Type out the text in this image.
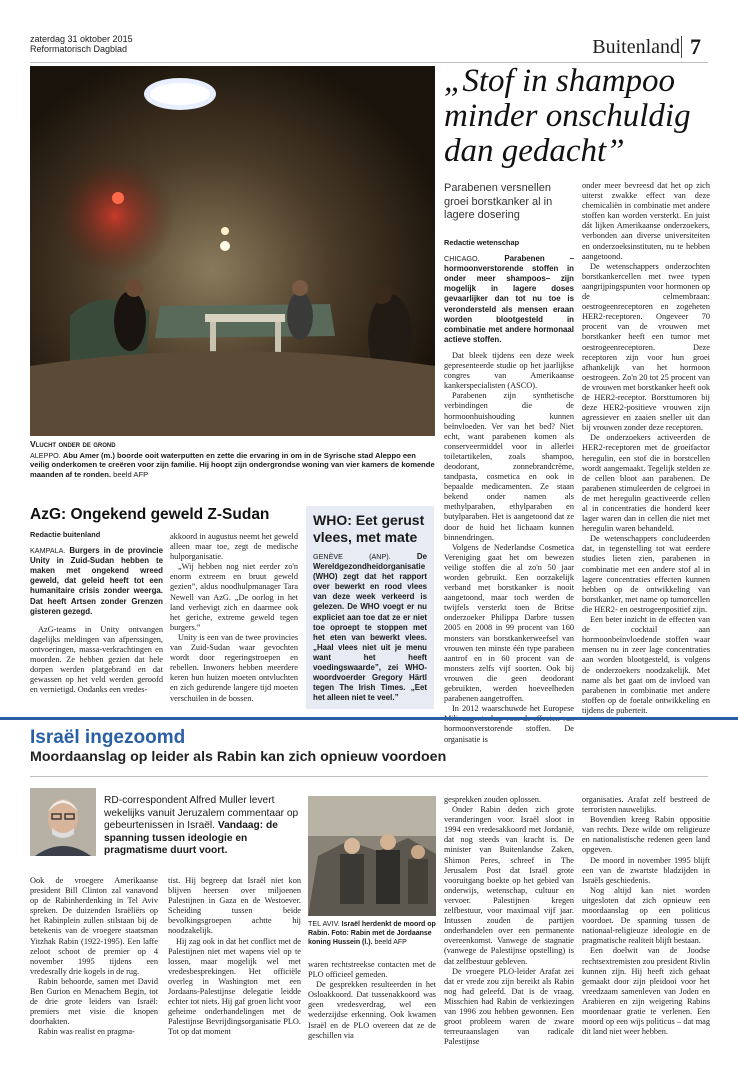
zaterdag 31 oktober 2015
Reformatorisch Dagblad	Buitenland 7
Vlucht onder de grond
ALEPPO. Abu Amer (m.) boorde ooit waterputten en zette die ervaring in om in de Syrische stad Aleppo een veilig onderkomen te creëren voor zijn familie. Hij hoopt zijn ondergrondse woning van vier kamers de komende maanden af te ronden. beeld AFP
AzG: Ongekend geweld Z-Sudan
Redactie buitenland

KAMPALA. Burgers in de provincie Unity in Zuid-Sudan hebben te maken met ongekend wreed geweld, dat geleid heeft tot een humanitaire crisis zonder weerga. Dat heeft Artsen zonder Grenzen gisteren gezegd.

AzG-teams in Unity ontvangen dagelijks meldingen van afperssingen, ontvoeringen, massa-verkrachtingen en moorden. Ze hebben gezien dat hele dorpen werden platgebrand en dat gewassen op het veld werden geroofd en vernietigd. Ondanks een vredes-

akkoord in augustus neemt het geweld alleen maar toe, zegt de medische hulporganisatie.

„Wij hebben nog niet eerder zo'n enorm extreem en bruut geweld gezien”, aldus noodhulpmanager Tara Newell van AzG. „De oorlog in het land verhevigt zich en daarmee ook het geriche, extreme geweld tegen burgers.”

Unity is een van de twee provincies van Zuid-Sudan waar gevochten wordt door regeringstroepen en rebellen. Inwoners hebben meerdere keren hun huizen moeten ontvluchten en zich gedurende langere tijd moeten verschuilen in de bossen.

WHO: Eet gerust vlees, met mate

GENÈVE (ANP).	De Wereldgezondheidorganisatie (WHO) zegt dat het rapport over bewerkt en rood vlees van deze week verkeerd is gelezen. De WHO voegt er nu expliciet aan toe dat ze er niet toe oproept te stoppen met het eten van bewerkt vlees. „Haal vlees niet uit je menu want het heeft voedingswaarde”, zei WHO-woordvoerder Gregory Härtl tegen The Irish Times. „Eet het alleen niet te veel.”

„Stof in shampoo minder onschuldig dan gedacht”
Parabenen versnellen groei borstkanker al in lagere dosering
Redactie wetenschap

CHICAGO.	Parabenen –hormoonverstorende stoffen in onder meer shampoos– zijn mogelijk in lagere doses gevaarlijker dan tot nu toe is verondersteld als mensen eraan worden blootgesteld in combinatie met andere hormonaal actieve stoffen.

Dat bleek tijdens een deze week gepresenteerde studie op het jaarlijkse congres van Amerikaanse kankerspecialisten (ASCO).

Parabenen zijn synthetische verbindingen die de hormoonhuishouding kunnen beïnvloeden. Ver van het bed? Niet echt, want parabenen komen als conserveermiddel voor in allerlei toiletartikelen, zoals shampoo, deodorant, zonnebrandcrème, tandpasta, cosmetica en ook in bepaalde medicamenten. Ze staan bekend onder namen als methylparaben, ethylparaben en butylparaben. Het is aangetoond dat ze door de huid het lichaam kunnen binnendringen.

Volgens de Nederlandse Cosmetica Vereniging gaat het om bewezen veilige stoffen die al zo'n 50 jaar worden gebruikt. Een oorzakelijk verband met borstkanker is nooit aangetoond, maar toch werden de twijfels versterkt toen de Britse onderzoeker Philippa Darbre tussen 2005 en 2008 in 99 procent van 160 monsters van borstkankerweefsel van vrouwen ten minste één type parabeen aantrof en in 60 procent van de monsters zelfs vijf soorten. Ook bij vrouwen die geen deodorant gebruikten, werden hoeveelheden parabenen aangetroffen.

In 2012 waarschuwde het Europese hormoonverstorende stoffen. De organisatie is

onder meer bevreesd dat het op zich uiterst zwakke effect van deze chemicaliën in combinatie met andere stoffen kan worden versterkt. En juist dát lijken Amerikaanse onderzoekers, verbonden aan diverse universiteiten en onderzoeksinstituten, nu te hebben aangetoond.

De wetenschappers onderzochten borstkankercellen met twee typen aangrijpingspunten voor hormonen op de celmembraan: oestrogeenreceptoren en zogeheten HER2-receptoren. Ongeveer 70 procent van de vrouwen met borstkanker heeft een tumor met oestrogeenreceptoren. Deze receptoren zijn voor hun groei afhankelijk van het hormoon oestrogeen. Zo'n 20 tot 25 procent van de vrouwen met borstkanker heeft ook de HER2-receptor. Borsttumoren bij deze HER2-positieve vrouwen zijn agressiever en zaaien sneller uit dan bij vrouwen zonder deze receptoren.

De onderzoekers activeerden de HER2-receptoren met de groeifactor heregulin, een stof die in borstcellen wordt aangemaakt. Tegelijk stelden ze de cellen bloot aan parabenen. De parabenen stimuleerden de celgroei in de met heregulin geactiveerde cellen al in concentraties die honderd keer lager waren dan in cellen die niet met heregulin waren behandeld.

De wetenschappers concludeerden dat, in tegenstelling tot wat eerdere studies lieten zien, parabenen in combinatie met een andere stof al in lagere concentraties effecten kunnen hebben op de ontwikkeling van borstkanker, met name op tumorcellen die HER2- en oestrogeenpositief zijn.

Een beter inzicht in de effecten van de cocktail aan hormoonbeïnvloedende stoffen waar mensen nu in zeer lage concentraties aan worden blootgesteld, is volgens de onderzoekers noodzakelijk. Met name als het gaat om de invloed van parabenen in combinatie met andere stoffen op de foetale ontwikkeling en tijdens de puberteit.

Israël ingezoomd
Moordaanslag op leider als Rabin kan zich opnieuw voordoen
RD-correspondent Alfred Muller levert wekelijks vanuit Jeruzalem commentaar op gebeurtenissen in Israël. Vandaag: de spanning tussen ideologie en pragmatisme duurt voort.

Ook de vroegere Amerikaanse president Bill Clinton zal vanavond op de Rabinherdenking in Tel Aviv spreken. De duizenden Israëliërs op het Rabinplein zullen stilstaan bij de betekenis van de vroegere staatsman Yitzhak Rabin (1922-1995). Een laffe zeloot schoot de premier op 4 november 1995 tijdens een vredesrally drie kogels in de rug.

Rabin behoorde, samen met David Ben Gurion en Menachem Begin, tot de drie grote leiders van Israël: premiers met visie die knopen doorhakten.

Rabin was realist en pragma-

tist. Hij begreep dat Israël niet kon blijven heersen over miljoenen Palestijnen in Gaza en de Westoever. Scheiding tussen beide bevolkingsgroepen achtte hij noodzakelijk.

Hij zag ook in dat het conflict met de Palestijnen niet met wapens viel op te lossen, maar mogelijk wel met vredesbesprekingen. Het officiële overleg in Washington met een Jordaans-Palestijnse delegatie leidde echter tot niets. Hij gaf groen licht voor geheime onderhandelingen met de Palestijnse Bevrijdingsorganisatie PLO. Tot op dat moment

TEL AVIV. Israël herdenkt de moord op Rabin. Foto: Rabin met de Jordaanse koning Hussein (l.). beeld AFP

waren rechtstreekse contacten met de PLO officieel gemeden.

De gesprekken resulteerden in het Osloakkoord. Dat tussenakkoord was geen vredesverdrag, wel een wederzijdse erkenning. Ook kwamen Israël en de PLO overeen dat ze de geschillen via

gesprekken zouden oplossen.

Onder Rabin deden zich grote veranderingen voor. Israël sloot in 1994 een vredesakkoord met Jordanië, dat nog steeds van kracht is. De minister van Buitenlandse Zaken, Shimon Peres, schreef in The Jerusalem Post dat Israël grote vooruitgang boekte op het gebied van onderwijs, wetenschap, cultuur en vervoer. Palestijnen kregen zelfbestuur, voor maximaal vijf jaar. Intussen zouden de partijen onderhandelen over een permanente overeenkomst. Vanwege de stagnatie (vanwege de Palestijnse opstelling) is dat zelfbestuur gebleven.

De vroegere PLO-leider Arafat zei dat er vrede zou zijn bereikt als Rabin nog had geleefd. Dat is de vraag. Misschien had Rabin de verkiezingen van 1996 zou hebben gewonnen. Een groot probleem waren de zware terreuraanslagen van radicale Palestijnse

organisaties. Arafat zelf bestreed de terroristen nauwelijks.

Bovendien kreeg Rabin oppositie van rechts. Deze wilde om religieuze en nationalistische redenen geen land opgeven.

De moord in november 1995 blijft een van de zwartste bladzijden in Israëls geschiedenis.

Nog altijd kan niet worden uitgesloten dat zich opnieuw een moordaanslag op een politicus voordoet. De spanning tussen de nationaal-religieuze ideologie en de pragmatische realiteit blijft bestaan.

Een doelwit van de Joodse rechtsextremisten zou president Rivlin kunnen zijn. Hij heeft zich gehaat gemaakt door zijn pleidooi voor het vreedzaam samenleven van Joden en Arabieren en zijn weigering Rabins moordenaar gratie te verlenen. Een moord op een wijs politicus – dat mag dit land niet weer hebben.
